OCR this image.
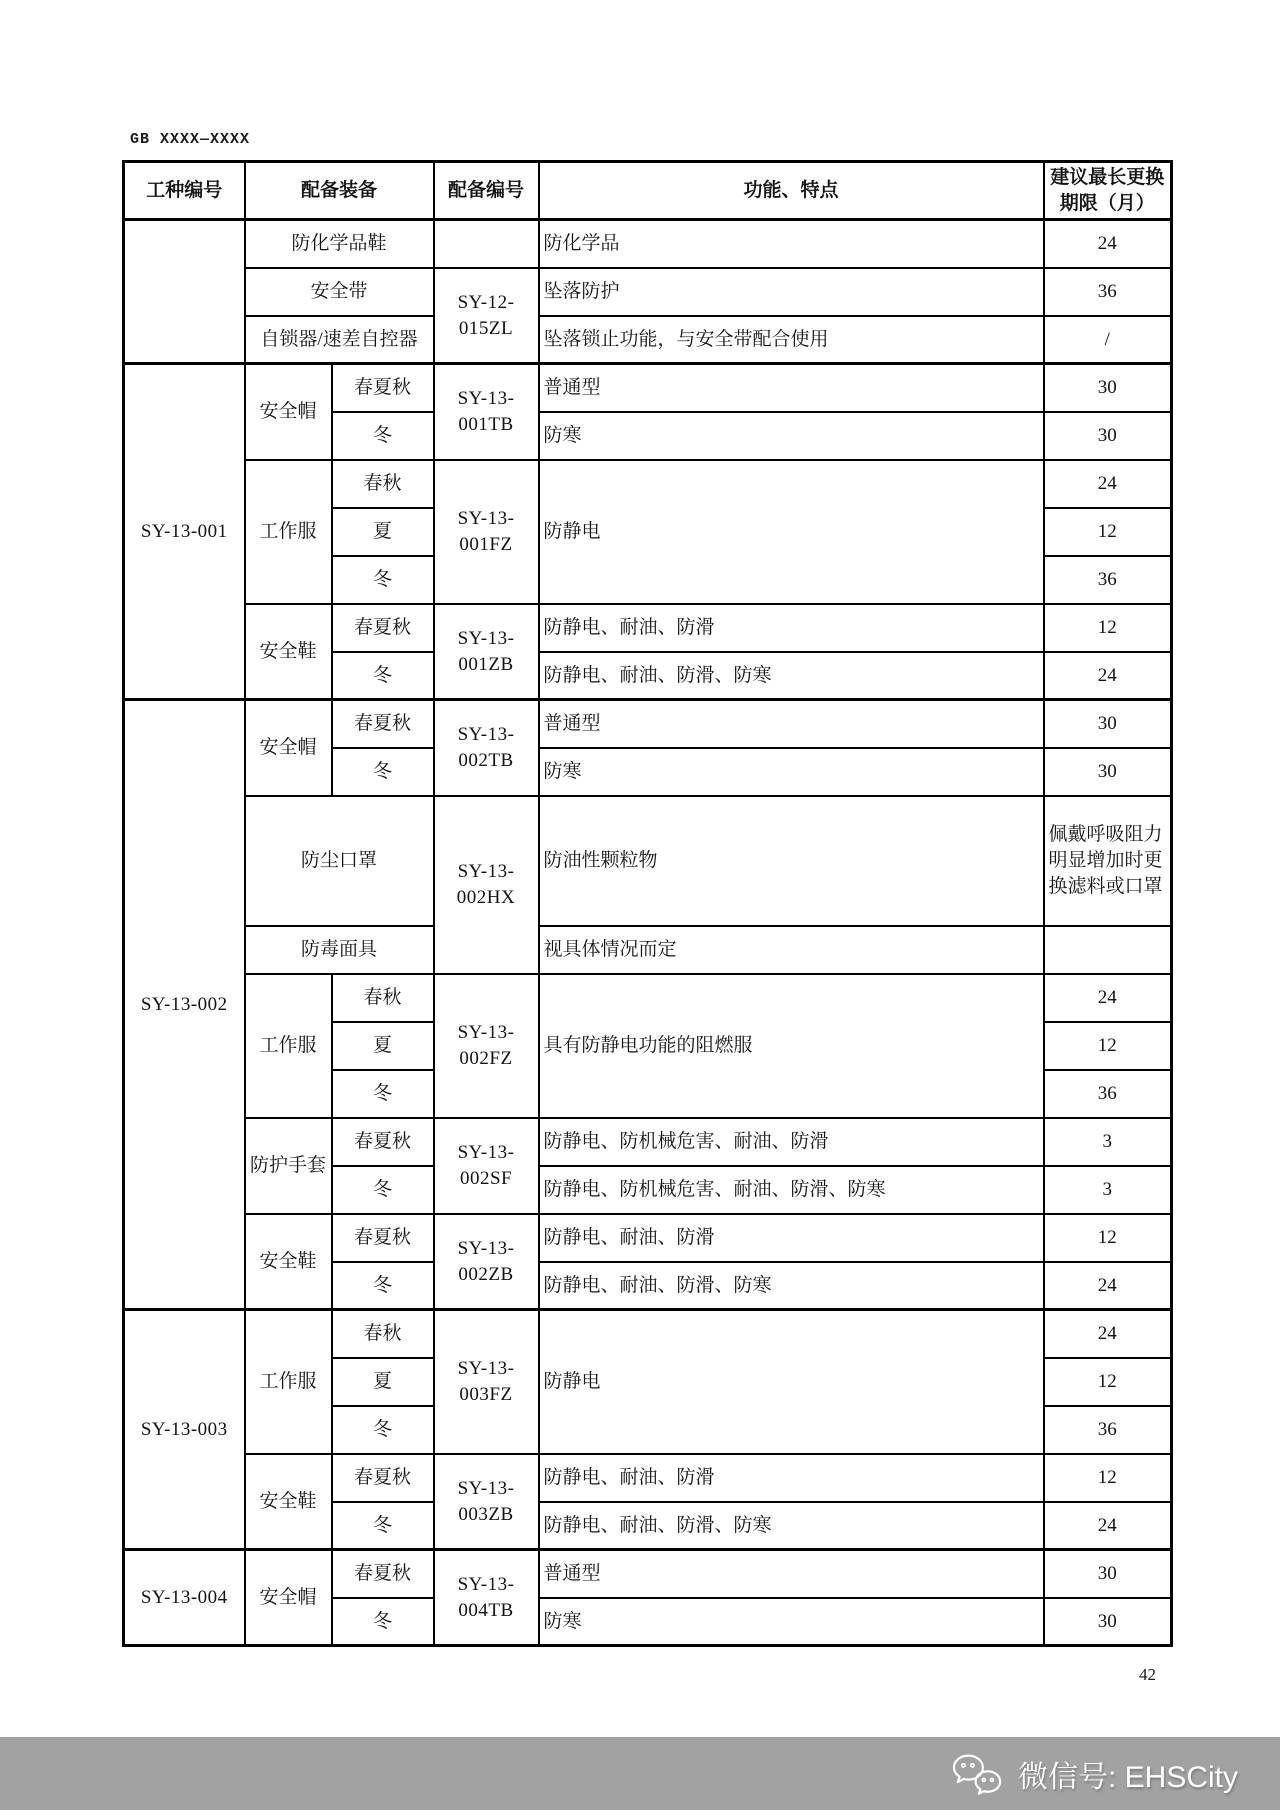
GB XXXX—XXXX
工种编号	配备装备		配备编号	功能、特点	建议最长更换期限（月）
	防化学品鞋			防化学品	24
	安全带		SY-12-015ZL	坠落防护	36
	自锁器/速差自控器			坠落锁止功能，与安全带配合使用	/
SY-13-001	安全帽	春夏秋	SY-13-001TB	普通型	30
		冬		防寒	30
	工作服	春秋	SY-13-001FZ	防静电	24
		夏			12
		冬			36
	安全鞋	春夏秋	SY-13-001ZB	防静电、耐油、防滑	12
		冬		防静电、耐油、防滑、防寒	24
SY-13-002	安全帽	春夏秋	SY-13-002TB	普通型	30
		冬		防寒	30
	防尘口罩		SY-13-002HX	防油性颗粒物	佩戴呼吸阻力明显增加时更换滤料或口罩
	防毒面具			视具体情况而定	
	工作服	春秋	SY-13-002FZ	具有防静电功能的阻燃服	24
		夏			12
		冬			36
	防护手套	春夏秋	SY-13-002SF	防静电、防机械危害、耐油、防滑	3
		冬		防静电、防机械危害、耐油、防滑、防寒	3
	安全鞋	春夏秋	SY-13-002ZB	防静电、耐油、防滑	12
		冬		防静电、耐油、防滑、防寒	24
SY-13-003	工作服	春秋	SY-13-003FZ	防静电	24
		夏			12
		冬			36
	安全鞋	春夏秋	SY-13-003ZB	防静电、耐油、防滑	12
		冬		防静电、耐油、防滑、防寒	24
SY-13-004	安全帽	春夏秋	SY-13-004TB	普通型	30
		冬		防寒	30
42
微信号: EHSCity
